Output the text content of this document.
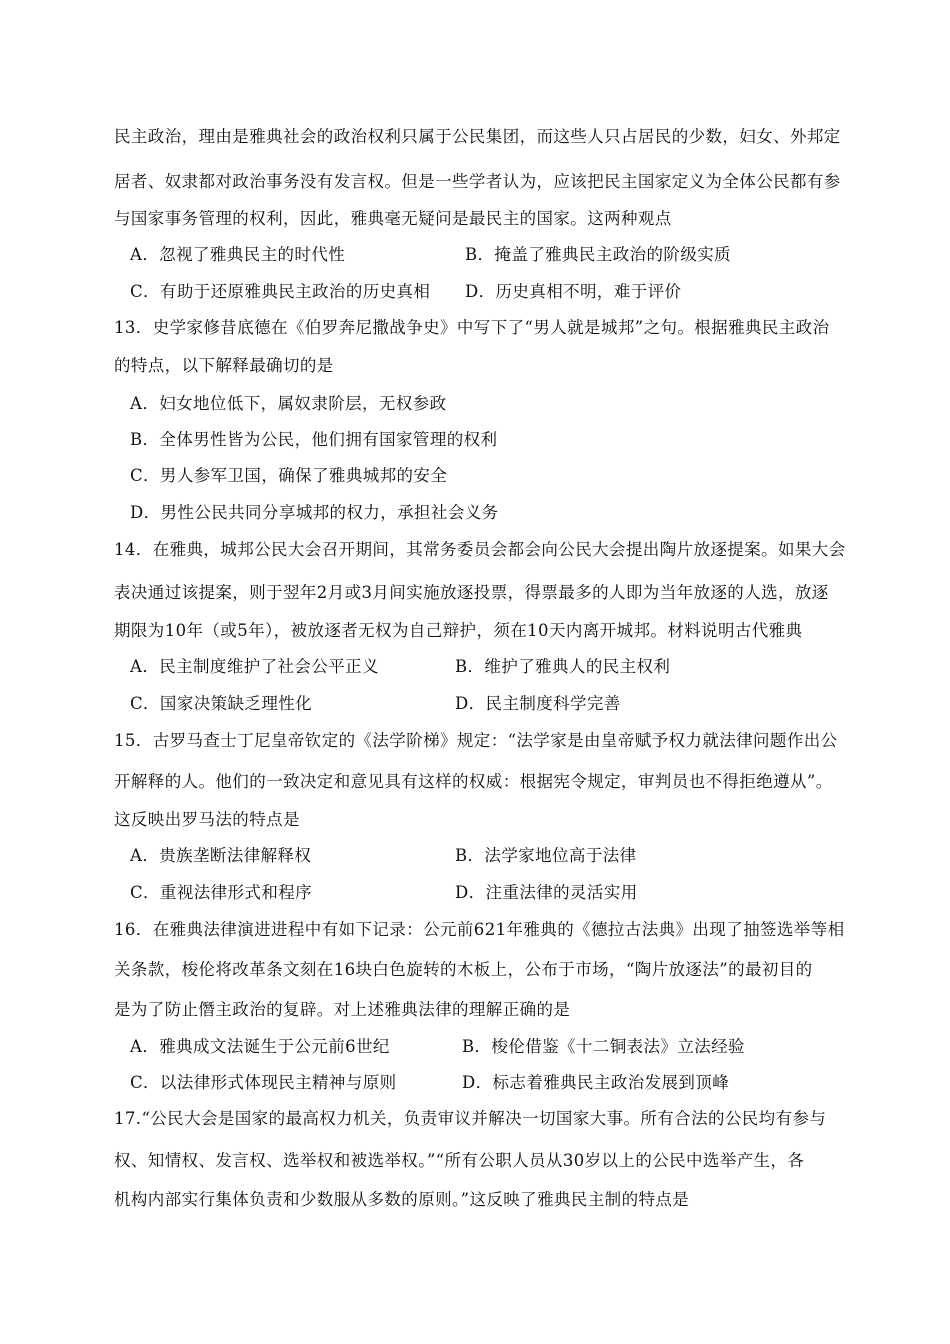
民主政治，理由是雅典社会的政治权利只属于公民集团，而这些人只占居民的少数，妇女、外邦定
居者、奴隶都对政治事务没有发言权。但是一些学者认为，应该把民主国家定义为全体公民都有参
与国家事务管理的权利，因此，雅典毫无疑问是最民主的国家。这两种观点
A．忽视了雅典民主的时代性	B．掩盖了雅典民主政治的阶级实质
C．有助于还原雅典民主政治的历史真相 D．历史真相不明，难于评价
13．史学家修昔底德在《伯罗奔尼撒战争史》中写下了“男人就是城邦”之句。根据雅典民主政治
的特点，以下解释最确切的是
A．妇女地位低下，属奴隶阶层，无权参政
B．全体男性皆为公民，他们拥有国家管理的权利
C．男人参军卫国，确保了雅典城邦的安全
D．男性公民共同分享城邦的权力，承担社会义务
14．在雅典，城邦公民大会召开期间，其常务委员会都会向公民大会提出陶片放逐提案。如果大会
表决通过该提案，则于翌年2月或3月间实施放逐投票，得票最多的人即为当年放逐的人选，放逐
期限为10年（或5年），被放逐者无权为自己辩护，须在10天内离开城邦。材料说明古代雅典
A．民主制度维护了社会公平正义	B．维护了雅典人的民主权利
C．国家决策缺乏理性化	D．民主制度科学完善
15．古罗马查士丁尼皇帝钦定的《法学阶梯》规定：“法学家是由皇帝赋予权力就法律问题作出公
开解释的人。他们的一致决定和意见具有这样的权威：根据宪令规定，审判员也不得拒绝遵从”。
这反映出罗马法的特点是
A．贵族垄断法律解释权	B．法学家地位高于法律
C．重视法律形式和程序	D．注重法律的灵活实用
16．在雅典法律演进进程中有如下记录：公元前621年雅典的《德拉古法典》出现了抽签选举等相
关条款，梭伦将改革条文刻在16块白色旋转的木板上，公布于市场，“陶片放逐法”的最初目的
是为了防止僭主政治的复辟。对上述雅典法律的理解正确的是
A．雅典成文法诞生于公元前6世纪	B．梭伦借鉴《十二铜表法》立法经验
C．以法律形式体现民主精神与原则	D．标志着雅典民主政治发展到顶峰
17.“公民大会是国家的最高权力机关，负责审议并解决一切国家大事。所有合法的公民均有参与
权、知情权、发言权、选举权和被选举权。”“所有公职人员从30岁以上的公民中选举产生，各
机构内部实行集体负责和少数服从多数的原则。”这反映了雅典民主制的特点是
